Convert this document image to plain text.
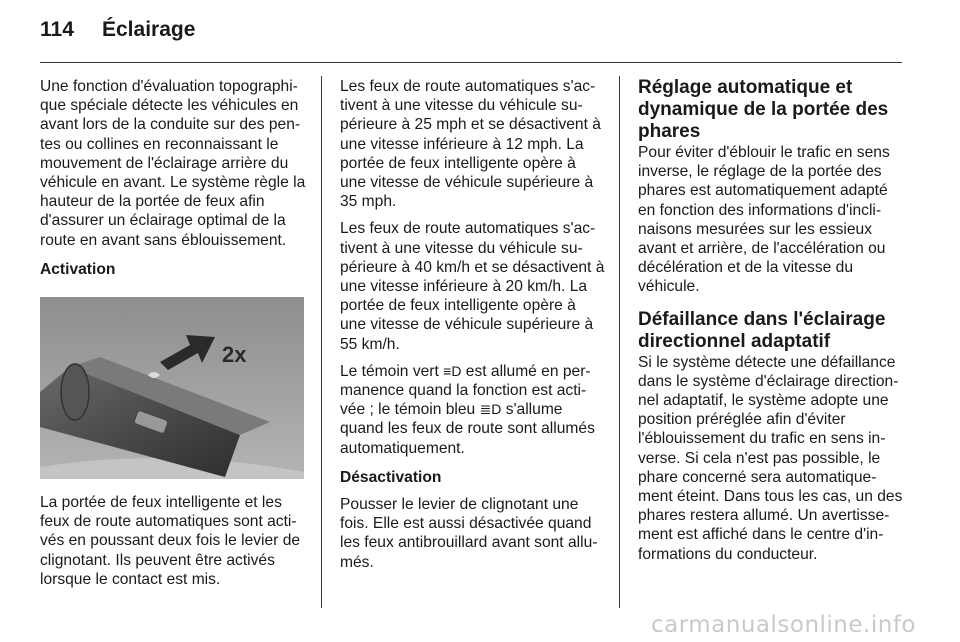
114 Éclairage

Une fonction d'évaluation topographi-que spéciale détecte les véhicules en avant lors de la conduite sur des pen-tes ou collines en reconnaissant le mouvement de l'éclairage arrière du véhicule en avant. Le système règle la hauteur de la portée de feux afin d'assurer un éclairage optimal de la route en avant sans éblouissement.

Activation

2x

La portée de feux intelligente et les feux de route automatiques sont acti-vés en poussant deux fois le levier de clignotant. Ils peuvent être activés lorsque le contact est mis.

Les feux de route automatiques s'ac-tivent à une vitesse du véhicule su-périeure à 25 mph et se désactivent à une vitesse inférieure à 12 mph. La portée de feux intelligente opère à une vitesse de véhicule supérieure à 35 mph.

Les feux de route automatiques s'ac-tivent à une vitesse du véhicule su-périeure à 40 km/h et se désactivent à une vitesse inférieure à 20 km/h. La portée de feux intelligente opère à une vitesse de véhicule supérieure à 55 km/h.

Le témoin vert ≡D est allumé en per-manence quand la fonction est acti-vée ; le témoin bleu ≣D s'allume quand les feux de route sont allumés automatiquement.

Désactivation

Pousser le levier de clignotant une fois. Elle est aussi désactivée quand les feux antibrouillard avant sont allu-més.

Réglage automatique et dynamique de la portée des phares

Pour éviter d'éblouir le trafic en sens inverse, le réglage de la portée des phares est automatiquement adapté en fonction des informations d'incli-naisons mesurées sur les essieux avant et arrière, de l'accélération ou décélération et de la vitesse du véhicule.

Défaillance dans l'éclairage directionnel adaptatif

Si le système détecte une défaillance dans le système d'éclairage direction-nel adaptatif, le système adopte une position préréglée afin d'éviter l'éblouissement du trafic en sens in-verse. Si cela n'est pas possible, le phare concerné sera automatique-ment éteint. Dans tous les cas, un des phares restera allumé. Un avertisse-ment est affiché dans le centre d'in-formations du conducteur.

carmanualsonline.info
